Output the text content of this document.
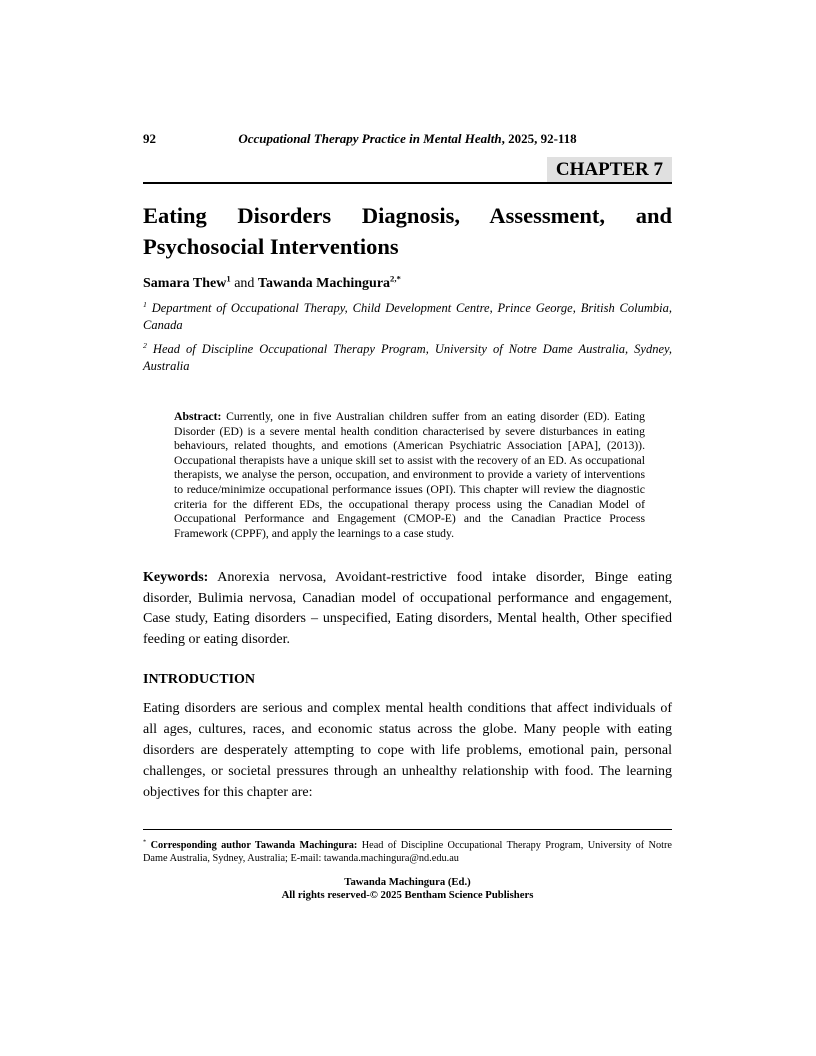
92	Occupational Therapy Practice in Mental Health, 2025, 92-118
CHAPTER 7
Eating Disorders Diagnosis, Assessment, and
Psychosocial Interventions
Samara Thew$^1$ and Tawanda Machingura$^{2,*}$

$^1$ Department of Occupational Therapy, Child Development Centre, Prince George, British Columbia, Canada

$^2$ Head of Discipline Occupational Therapy Program, University of Notre Dame Australia, Sydney, Australia

Abstract: Currently, one in five Australian children suffer from an eating disorder (ED). Eating Disorder (ED) is a severe mental health condition characterised by severe disturbances in eating behaviours, related thoughts, and emotions (American Psychiatric Association [APA], (2013)). Occupational therapists have a unique skill set to assist with the recovery of an ED. As occupational therapists, we analyse the person, occupation, and environment to provide a variety of interventions to reduce/minimize occupational performance issues (OPI). This chapter will review the diagnostic criteria for the different EDs, the occupational therapy process using the Canadian Model of Occupational Performance and Engagement (CMOP-E) and the Canadian Practice Process Framework (CPPF), and apply the learnings to a case study.

Keywords: Anorexia nervosa, Avoidant-restrictive food intake disorder, Binge eating disorder, Bulimia nervosa, Canadian model of occupational performance and engagement, Case study, Eating disorders – unspecified, Eating disorders, Mental health, Other specified feeding or eating disorder.

INTRODUCTION

Eating disorders are serious and complex mental health conditions that affect individuals of all ages, cultures, races, and economic status across the globe. Many people with eating disorders are desperately attempting to cope with life problems, emotional pain, personal challenges, or societal pressures through an unhealthy relationship with food. The learning objectives for this chapter are:

* Corresponding author Tawanda Machingura: Head of Discipline Occupational Therapy Program, University of Notre Dame Australia, Sydney, Australia; E-mail: tawanda.machingura@nd.edu.au

Tawanda Machingura (Ed.)
All rights reserved-© 2025 Bentham Science Publishers
